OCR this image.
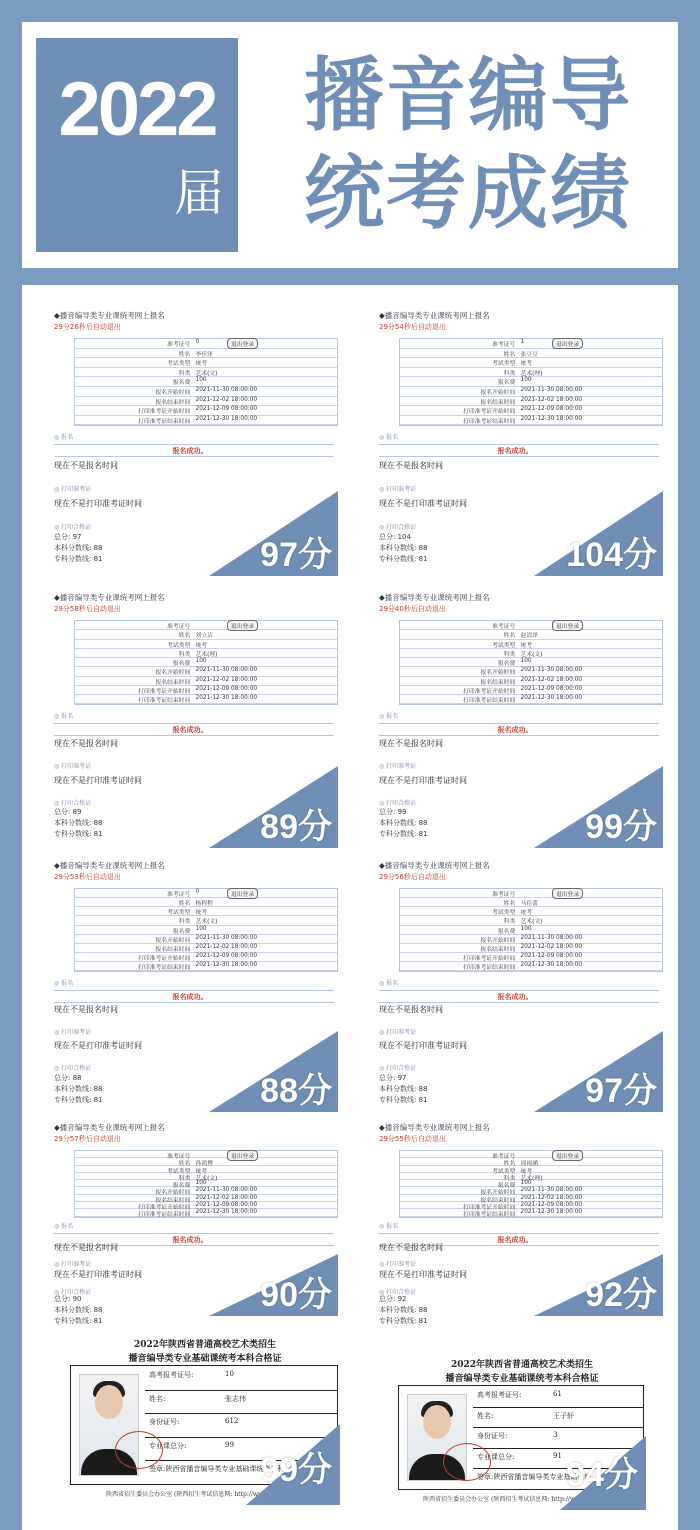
2022
届
播音编导
统考成绩
◆播音编导类专业课统考网上报名
29分26秒后自动退出
准考证号 0	退出登录
姓名 李佳泽
考试类型 统考
科类 艺术(文)
报名费 100
报名开始时间 2021-11-30 08:00:00
报名结束时间 2021-12-02 18:00:00
打印准考证开始时间 2021-12-09 08:00:00
打印准考证结束时间 2021-12-30 18:00:00
◎ 报名
报名成功。
现在不是报名时间
◎ 打印准考证
现在不是打印准考证时间
◎ 打印合格证
总分: 97
本科分数线: 88
专科分数线: 81	97分
◆播音编导类专业课统考网上报名
29分54秒后自动退出
准考证号 1	退出登录
姓名 张豆豆
考试类型 统考
科类 艺术(理)
报名费 100
报名开始时间 2021-11-30 08:00:00
报名结束时间 2021-12-02 18:00:00
打印准考证开始时间 2021-12-09 08:00:00
打印准考证结束时间 2021-12-30 18:00:00
◎ 报名
报名成功。
现在不是报名时间
◎ 打印准考证
现在不是打印准考证时间
◎ 打印合格证
总分: 104
本科分数线: 88
专科分数线: 81	104分
◆播音编导类专业课统考网上报名
29分58秒后自动退出
准考证号	退出登录
姓名 刘立洁
考试类型 统考
科类 艺术(理)
报名费 100
报名开始时间 2021-11-30 08:00:00
报名结束时间 2021-12-02 18:00:00
打印准考证开始时间 2021-12-09 08:00:00
打印准考证结束时间 2021-12-30 18:00:00
◎ 报名
报名成功。
现在不是报名时间
◎ 打印准考证
现在不是打印准考证时间
◎ 打印合格证
总分: 89
本科分数线: 88
专科分数线: 81	89分
◆播音编导类专业课统考网上报名
29分40秒后自动退出
准考证号	退出登录
姓名 赵清泽
考试类型 统考
科类 艺术(文)
报名费 100
报名开始时间 2021-11-30 08:00:00
报名结束时间 2021-12-02 18:00:00
打印准考证开始时间 2021-12-09 08:00:00
打印准考证结束时间 2021-12-30 18:00:00
◎ 报名
报名成功。
现在不是报名时间
◎ 打印准考证
现在不是打印准考证时间
◎ 打印合格证
总分: 99
本科分数线: 88
专科分数线: 81	99分
◆播音编导类专业课统考网上报名
29分53秒后自动退出
准考证号 0	退出登录
姓名 杨程程
考试类型 统考
科类 艺术(文)
报名费 100
报名开始时间 2021-11-30 08:00:00
报名结束时间 2021-12-02 18:00:00
打印准考证开始时间 2021-12-09 08:00:00
打印准考证结束时间 2021-12-30 18:00:00
◎ 报名
报名成功。
现在不是报名时间
◎ 打印准考证
现在不是打印准考证时间
◎ 打印合格证
总分: 88
本科分数线: 88
专科分数线: 81	88分
◆播音编导类专业课统考网上报名
29分56秒后自动退出
准考证号	退出登录
姓名 马佳蕾
考试类型 统考
科类 艺术(文)
报名费 100
报名开始时间 2021-11-30 08:00:00
报名结束时间 2021-12-02 18:00:00
打印准考证开始时间 2021-12-09 08:00:00
打印准考证结束时间 2021-12-30 18:00:00
◎ 报名
报名成功。
现在不是报名时间
◎ 打印准考证
现在不是打印准考证时间
◎ 打印合格证
总分: 97
本科分数线: 88
专科分数线: 81	97分
◆播音编导类专业课统考网上报名
29分57秒后自动退出
准考证号	退出登录
姓名 孙鸿博
考试类型 统考
科类 艺术(文)
报名费 100
报名开始时间 2021-11-30 08:00:00
报名结束时间 2021-12-02 18:00:00
打印准考证开始时间 2021-12-09 08:00:00
打印准考证结束时间 2021-12-30 18:00:00
◎ 报名
报名成功。
现在不是报名时间
◎ 打印准考证
现在不是打印准考证时间
◎ 打印合格证
总分: 90
本科分数线: 88
专科分数线: 81
90分
◆播音编导类专业课统考网上报名
29分55秒后自动退出
准考证号	退出登录
姓名 周雨涵
考试类型 统考
科类 艺术(理)
报名费 100
报名开始时间 2021-11-30 08:00:00
报名结束时间 2021-12-02 18:00:00
打印准考证开始时间 2021-12-09 08:00:00
打印准考证结束时间 2021-12-30 18:00:00
◎ 报名
报名成功。
现在不是报名时间
◎ 打印准考证
现在不是打印准考证时间
◎ 打印合格证
总分: 92
本科分数线: 88
专科分数线: 81
92分
2022年陕西省普通高校艺术类招生
播音编导类专业基础课统考本科合格证
高考报考证号:	10
姓名:	张志伟
身份证号:	612
专业课总分:	99
签章:陕西省播音编导类专业基础课统考本科
陕西省招生委员会办公室 (陕西招生考试信息网: http://www.sneac.com)
99分
2022年陕西省普通高校艺术类招生
播音编导类专业基础课统考本科合格证
高考报考证号:	61
姓名:	王子轩
身份证号:	3
专业课总分:	91
签章:陕西省播音编导类专业基础课统
陕西省招生委员会办公室 (陕西招生考试信息网: http://www.sneac.com)
94分
